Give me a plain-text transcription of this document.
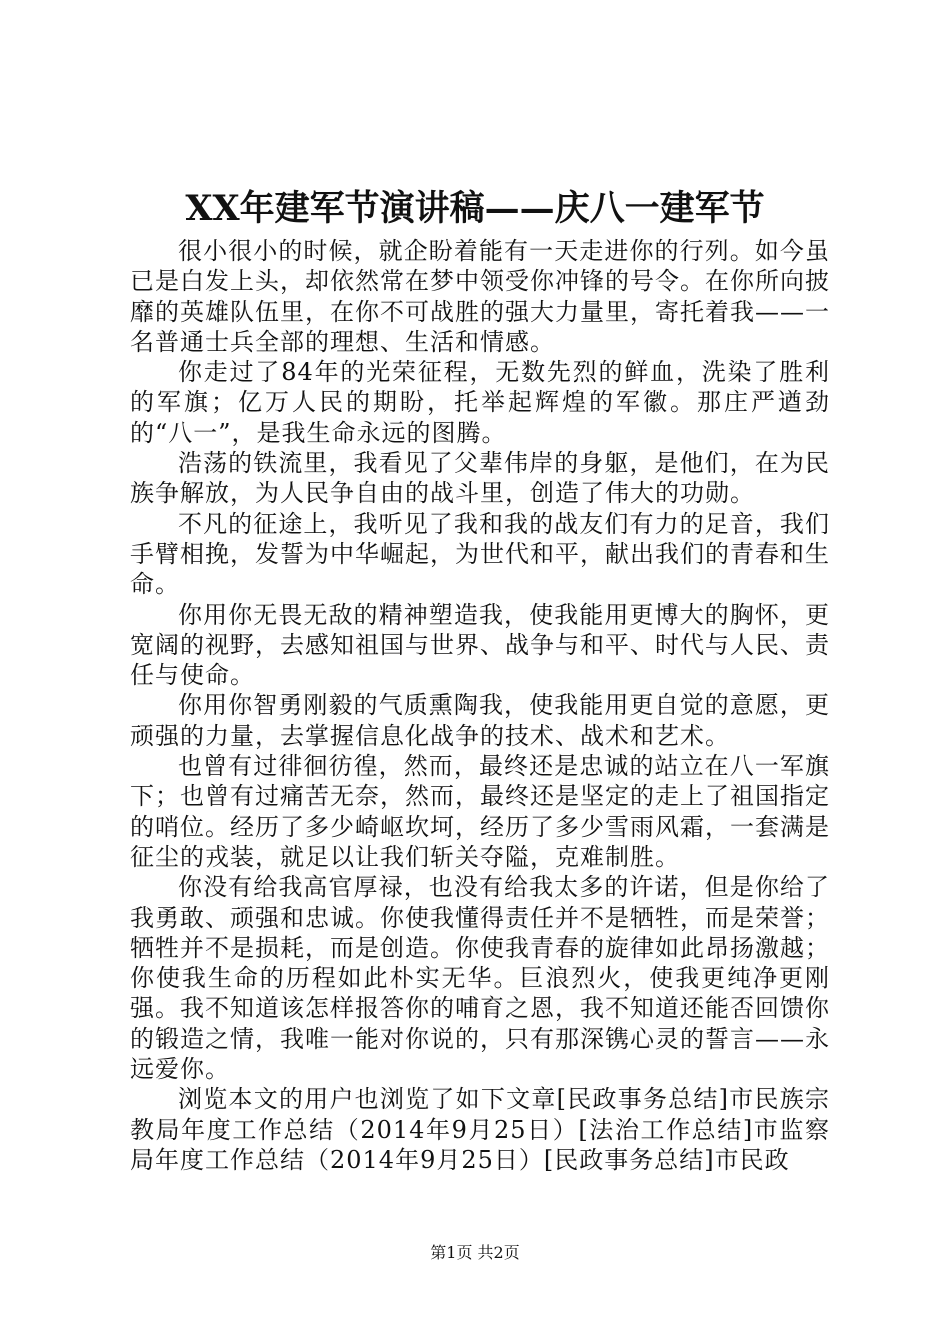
XX年建军节演讲稿——庆八一建军节

很小很小的时候，就企盼着能有一天走进你的行列。如今虽已是白发上头，却依然常在梦中领受你冲锋的号令。在你所向披靡的英雄队伍里，在你不可战胜的强大力量里，寄托着我——一名普通士兵全部的理想、生活和情感。

你走过了84年的光荣征程，无数先烈的鲜血，洗染了胜利的军旗；亿万人民的期盼，托举起辉煌的军徽。那庄严遒劲的“八一”，是我生命永远的图腾。

浩荡的铁流里，我看见了父辈伟岸的身躯，是他们，在为民族争解放，为人民争自由的战斗里，创造了伟大的功勋。

不凡的征途上，我听见了我和我的战友们有力的足音，我们手臂相挽，发誓为中华崛起，为世代和平，献出我们的青春和生命。

你用你无畏无敌的精神塑造我，使我能用更博大的胸怀，更宽阔的视野，去感知祖国与世界、战争与和平、时代与人民、责任与使命。

你用你智勇刚毅的气质熏陶我，使我能用更自觉的意愿，更顽强的力量，去掌握信息化战争的技术、战术和艺术。

也曾有过徘徊彷徨，然而，最终还是忠诚的站立在八一军旗下；也曾有过痛苦无奈，然而，最终还是坚定的走上了祖国指定的哨位。经历了多少崎岖坎坷，经历了多少雪雨风霜，一套满是征尘的戎装，就足以让我们斩关夺隘，克难制胜。

你没有给我高官厚禄，也没有给我太多的许诺，但是你给了我勇敢、顽强和忠诚。你使我懂得责任并不是牺牲，而是荣誉；牺牲并不是损耗，而是创造。你使我青春的旋律如此昂扬激越；你使我生命的历程如此朴实无华。巨浪烈火，使我更纯净更刚强。我不知道该怎样报答你的哺育之恩，我不知道还能否回馈你的锻造之情，我唯一能对你说的，只有那深镌心灵的誓言——永远爱你。

浏览本文的用户也浏览了如下文章[民政事务总结]市民族宗教局年度工作总结（2014年9月25日）[法治工作总结]市监察局年度工作总结（2014年9月25日）[民政事务总结]市民政

第1页 共2页
